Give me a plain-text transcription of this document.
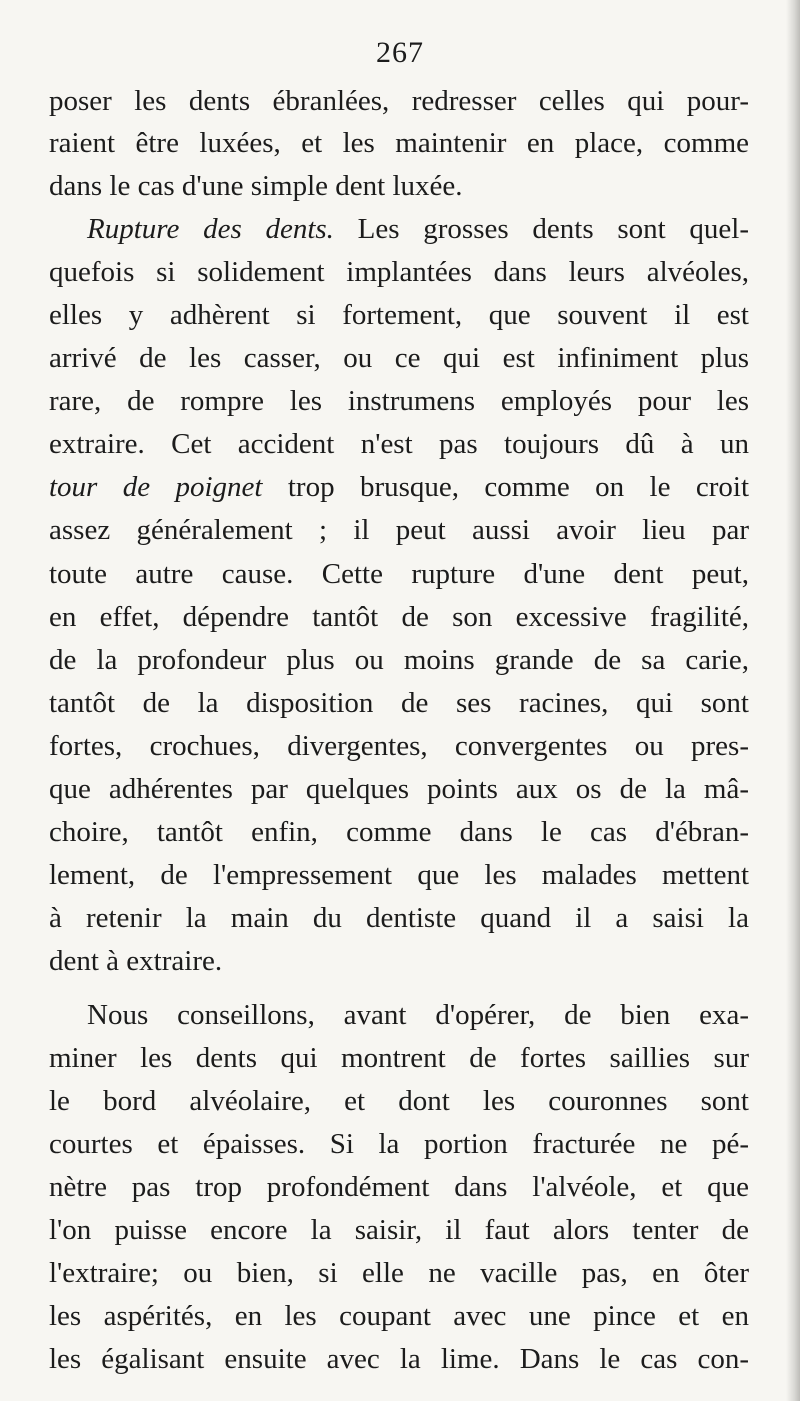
267
poser les dents ébranlées, redresser celles qui pour-
raient être luxées, et les maintenir en place, comme
dans le cas d'une simple dent luxée.
Rupture des dents. Les grosses dents sont quel-
quefois si solidement implantées dans leurs alvéoles,
elles y adhèrent si fortement, que souvent il est
arrivé de les casser, ou ce qui est infiniment plus
rare, de rompre les instrumens employés pour les
extraire. Cet accident n'est pas toujours dû à un
tour de poignet trop brusque, comme on le croit
assez généralement ; il peut aussi avoir lieu par
toute autre cause. Cette rupture d'une dent peut,
en effet, dépendre tantôt de son excessive fragilité,
de la profondeur plus ou moins grande de sa carie,
tantôt de la disposition de ses racines, qui sont
fortes, crochues, divergentes, convergentes ou pres-
que adhérentes par quelques points aux os de la mâ-
choire, tantôt enfin, comme dans le cas d'ébran-
lement, de l'empressement que les malades mettent
à retenir la main du dentiste quand il a saisi la
dent à extraire.
Nous conseillons, avant d'opérer, de bien exa-
miner les dents qui montrent de fortes saillies sur
le bord alvéolaire, et dont les couronnes sont
courtes et épaisses. Si la portion fracturée ne pé-
nètre pas trop profondément dans l'alvéole, et que
l'on puisse encore la saisir, il faut alors tenter de
l'extraire; ou bien, si elle ne vacille pas, en ôter
les aspérités, en les coupant avec une pince et en
les égalisant ensuite avec la lime. Dans le cas con-
